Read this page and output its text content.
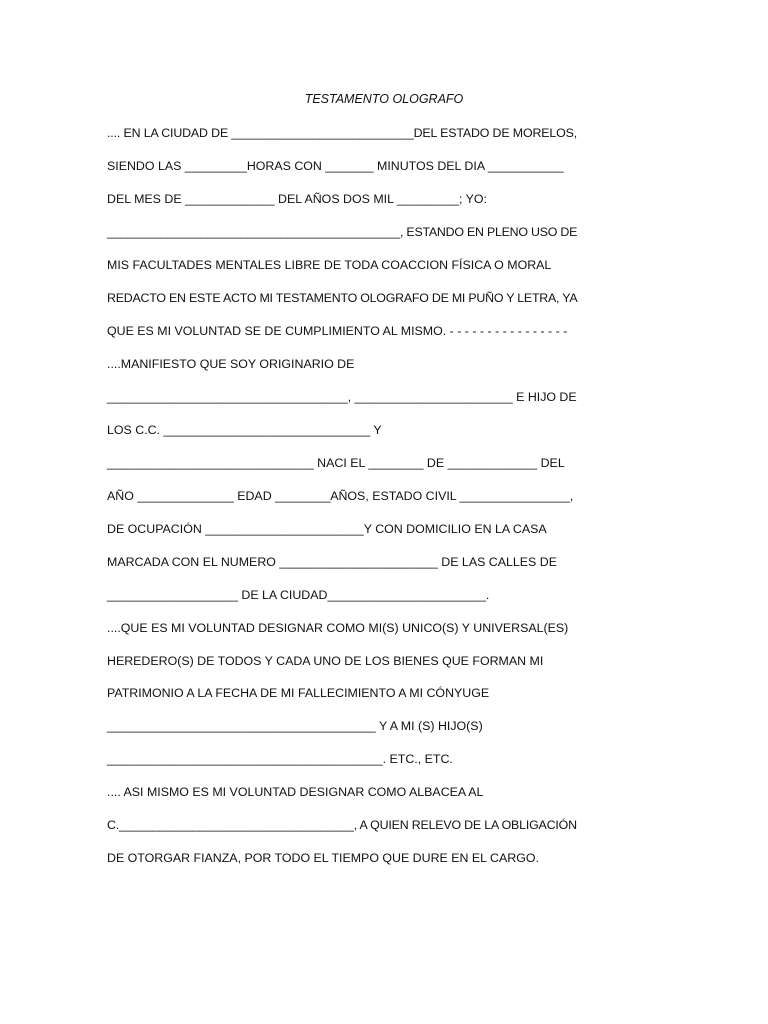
TESTAMENTO OLOGRAFO
.... EN LA CIUDAD DE ___________________________DEL ESTADO DE MORELOS,
SIENDO LAS _________HORAS CON _______ MINUTOS DEL DIA ___________
DEL MES DE _____________ DEL AÑOS DOS MIL _________; YO:
____________________________________________, ESTANDO EN PLENO USO DE
MIS FACULTADES MENTALES LIBRE DE TODA COACCION FÍSICA O MORAL
REDACTO EN ESTE ACTO MI TESTAMENTO OLOGRAFO DE MI PUÑO Y LETRA, YA
QUE ES MI VOLUNTAD SE DE CUMPLIMIENTO AL MISMO. - - - - - - - - - - - - - - - -
....MANIFIESTO QUE SOY ORIGINARIO DE
___________________________________, _______________________ E HIJO DE
LOS C.C. ______________________________ Y
______________________________ NACI EL ________ DE _____________ DEL
AÑO ______________ EDAD ________AÑOS, ESTADO CIVIL ________________,
DE OCUPACIÓN _______________________Y CON DOMICILIO EN LA CASA
MARCADA CON EL NUMERO _______________________ DE LAS CALLES DE
___________________ DE LA CIUDAD_______________________.
....QUE ES MI VOLUNTAD DESIGNAR COMO MI(S) UNICO(S) Y UNIVERSAL(ES)
HEREDERO(S) DE TODOS Y CADA UNO DE LOS BIENES QUE FORMAN MI
PATRIMONIO A LA FECHA DE MI FALLECIMIENTO A MI CÓNYUGE
_______________________________________ Y A MI (S) HIJO(S)
________________________________________. ETC., ETC.
.... ASI MISMO ES MI VOLUNTAD DESIGNAR COMO ALBACEA AL
C.___________________________________, A QUIEN RELEVO DE LA OBLIGACIÓN
DE OTORGAR FIANZA, POR TODO EL TIEMPO QUE DURE EN EL CARGO.
